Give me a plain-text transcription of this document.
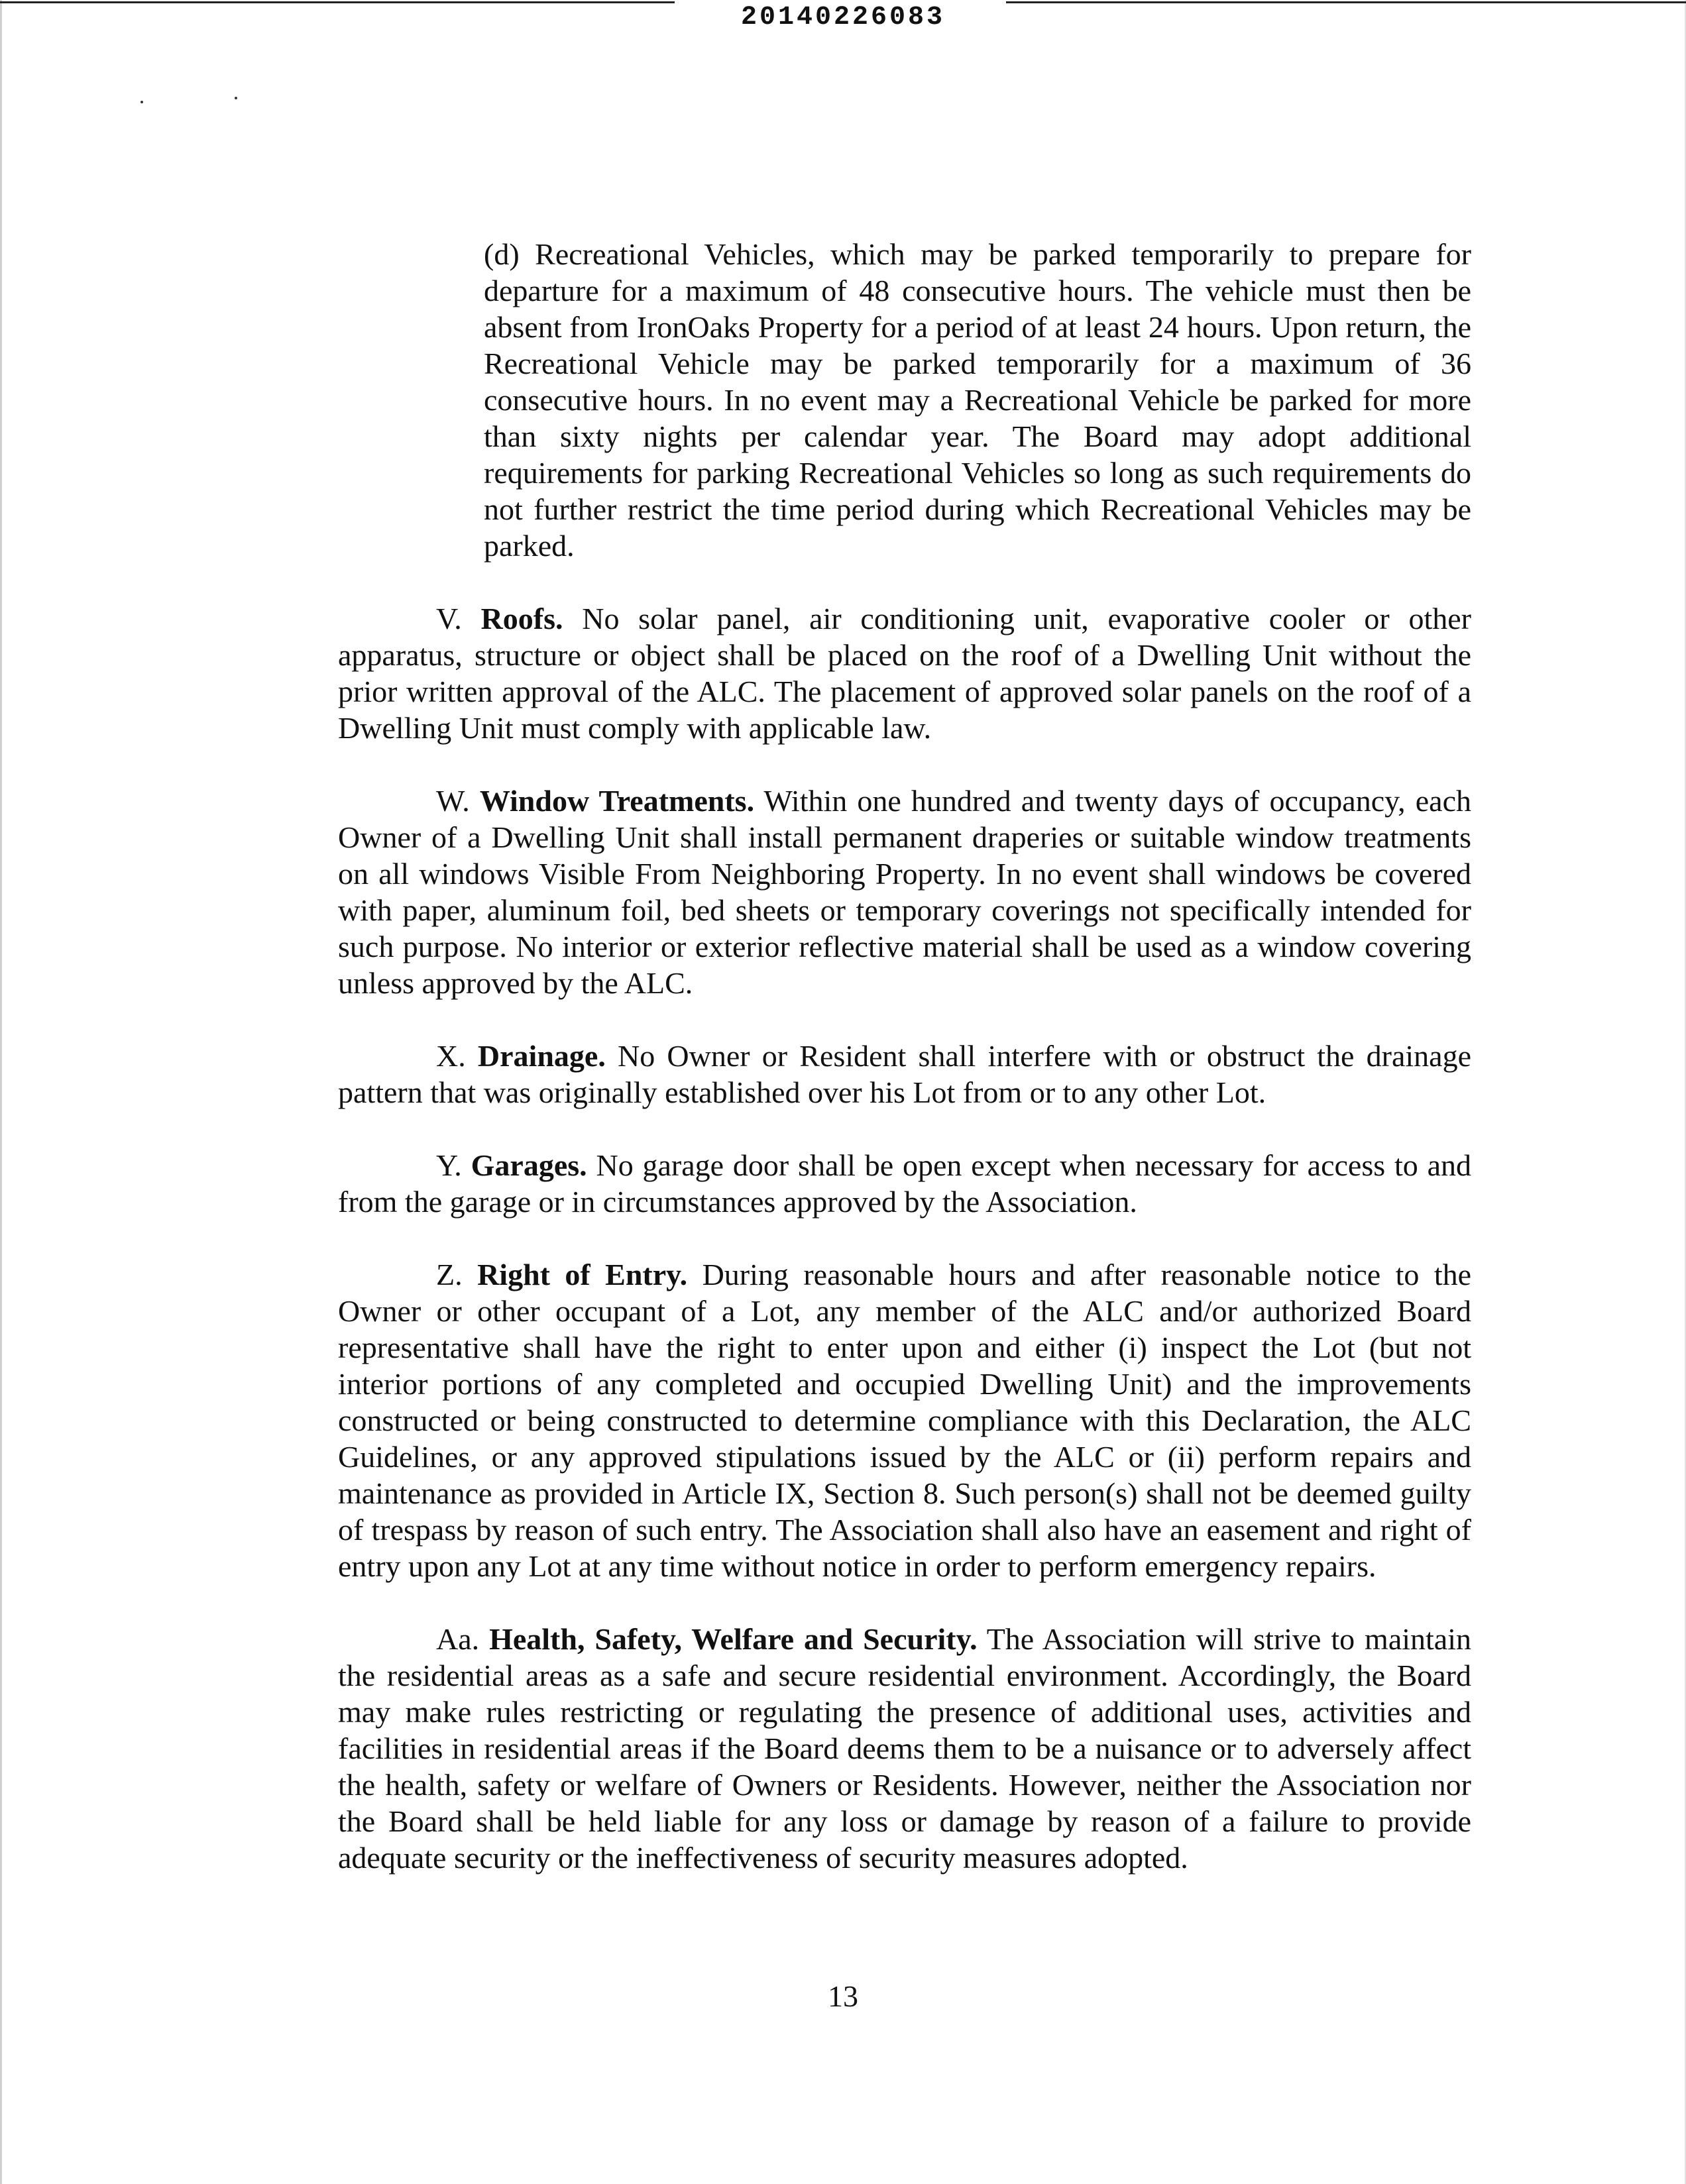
20140226083

(d) Recreational Vehicles, which may be parked temporarily to prepare for departure for a maximum of 48 consecutive hours. The vehicle must then be absent from IronOaks Property for a period of at least 24 hours. Upon return, the Recreational Vehicle may be parked temporarily for a maximum of 36 consecutive hours. In no event may a Recreational Vehicle be parked for more than sixty nights per calendar year. The Board may adopt additional requirements for parking Recreational Vehicles so long as such requirements do not further restrict the time period during which Recreational Vehicles may be parked.

V. Roofs. No solar panel, air conditioning unit, evaporative cooler or other apparatus, structure or object shall be placed on the roof of a Dwelling Unit without the prior written approval of the ALC. The placement of approved solar panels on the roof of a Dwelling Unit must comply with applicable law.

W. Window Treatments. Within one hundred and twenty days of occupancy, each Owner of a Dwelling Unit shall install permanent draperies or suitable window treatments on all windows Visible From Neighboring Property. In no event shall windows be covered with paper, aluminum foil, bed sheets or temporary coverings not specifically intended for such purpose. No interior or exterior reflective material shall be used as a window covering unless approved by the ALC.

X. Drainage. No Owner or Resident shall interfere with or obstruct the drainage pattern that was originally established over his Lot from or to any other Lot.

Y. Garages. No garage door shall be open except when necessary for access to and from the garage or in circumstances approved by the Association.

Z. Right of Entry. During reasonable hours and after reasonable notice to the Owner or other occupant of a Lot, any member of the ALC and/or authorized Board representative shall have the right to enter upon and either (i) inspect the Lot (but not interior portions of any completed and occupied Dwelling Unit) and the improvements constructed or being constructed to determine compliance with this Declaration, the ALC Guidelines, or any approved stipulations issued by the ALC or (ii) perform repairs and maintenance as provided in Article IX, Section 8. Such person(s) shall not be deemed guilty of trespass by reason of such entry. The Association shall also have an easement and right of entry upon any Lot at any time without notice in order to perform emergency repairs.

Aa. Health, Safety, Welfare and Security. The Association will strive to maintain the residential areas as a safe and secure residential environment. Accordingly, the Board may make rules restricting or regulating the presence of additional uses, activities and facilities in residential areas if the Board deems them to be a nuisance or to adversely affect the health, safety or welfare of Owners or Residents. However, neither the Association nor the Board shall be held liable for any loss or damage by reason of a failure to provide adequate security or the ineffectiveness of security measures adopted.

13
